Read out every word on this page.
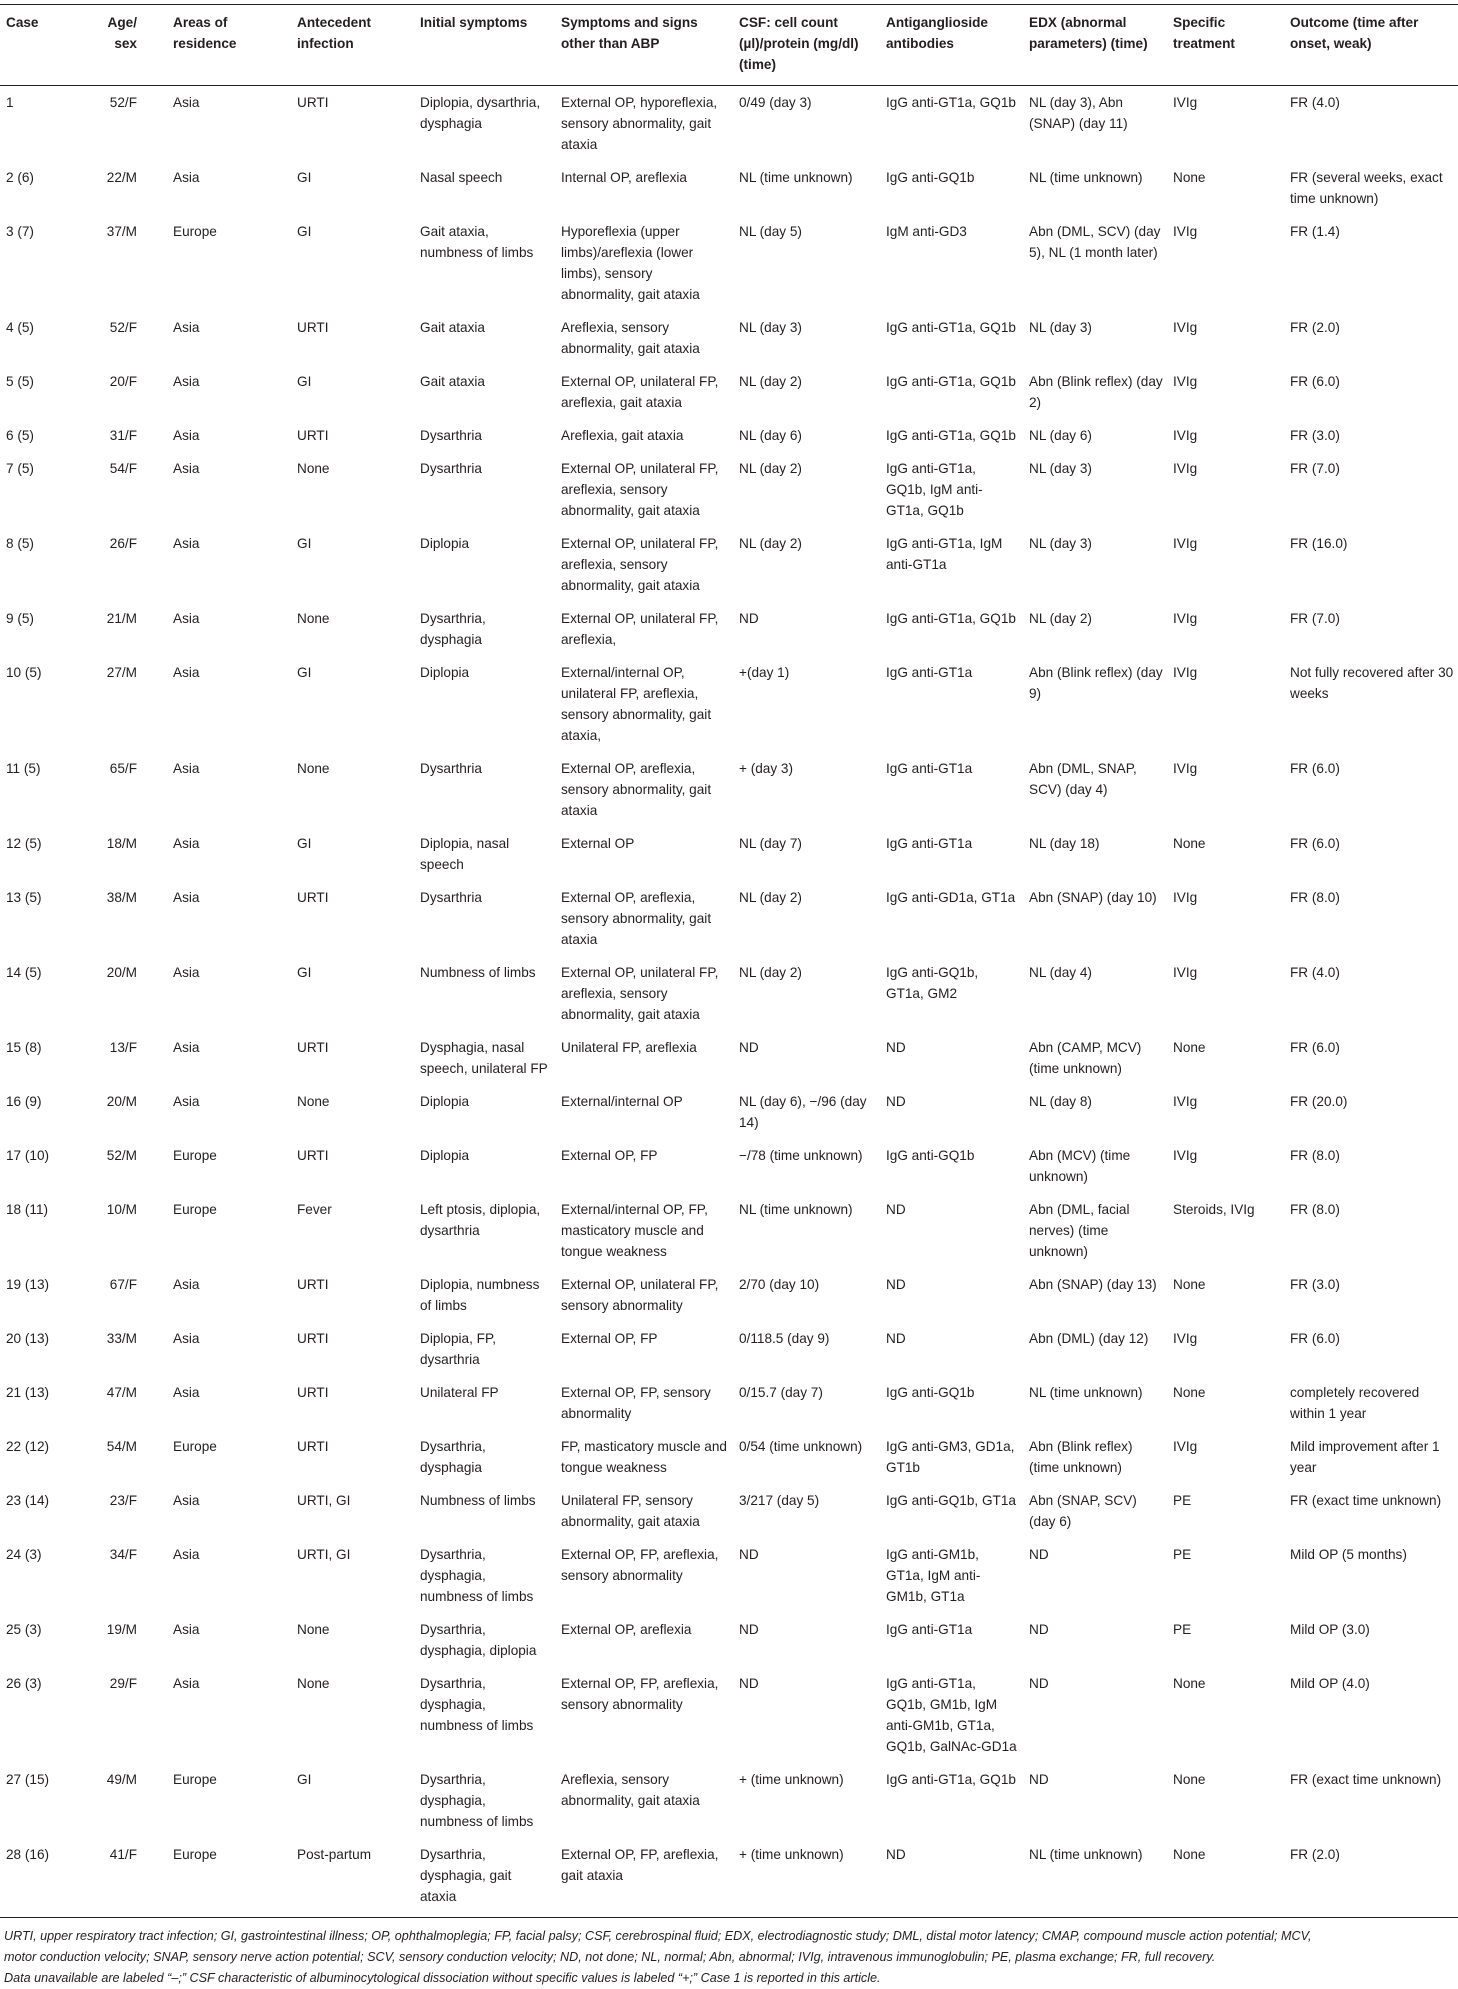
Case	Age/ sex	Areas of residence	Antecedent infection	Initial symptoms	Symptoms and signs other than ABP	CSF: cell count (µl)/protein (mg/dl) (time)	Antiganglioside antibodies	EDX (abnormal parameters) (time)	Specific treatment	Outcome (time after onset, weak)
1	52/F	Asia	URTI	Diplopia, dysarthria, dysphagia	External OP, hyporeflexia, sensory abnormality, gait ataxia	0/49 (day 3)	IgG anti-GT1a, GQ1b	NL (day 3), Abn (SNAP) (day 11)	IVIg	FR (4.0)
2 (6)	22/M	Asia	GI	Nasal speech	Internal OP, areflexia	NL (time unknown)	IgG anti-GQ1b	NL (time unknown)	None	FR (several weeks, exact time unknown)
3 (7)	37/M	Europe	GI	Gait ataxia, numbness of limbs	Hyporeflexia (upper limbs)/areflexia (lower limbs), sensory abnormality, gait ataxia	NL (day 5)	IgM anti-GD3	Abn (DML, SCV) (day 5), NL (1 month later)	IVIg	FR (1.4)
4 (5)	52/F	Asia	URTI	Gait ataxia	Areflexia, sensory abnormality, gait ataxia	NL (day 3)	IgG anti-GT1a, GQ1b	NL (day 3)	IVIg	FR (2.0)
5 (5)	20/F	Asia	GI	Gait ataxia	External OP, unilateral FP, areflexia, gait ataxia	NL (day 2)	IgG anti-GT1a, GQ1b	Abn (Blink reflex) (day 2)	IVIg	FR (6.0)
6 (5)	31/F	Asia	URTI	Dysarthria	Areflexia, gait ataxia	NL (day 6)	IgG anti-GT1a, GQ1b	NL (day 6)	IVIg	FR (3.0)
7 (5)	54/F	Asia	None	Dysarthria	External OP, unilateral FP, areflexia, sensory abnormality, gait ataxia	NL (day 2)	IgG anti-GT1a, GQ1b, IgM anti-GT1a, GQ1b	NL (day 3)	IVIg	FR (7.0)
8 (5)	26/F	Asia	GI	Diplopia	External OP, unilateral FP, areflexia, sensory abnormality, gait ataxia	NL (day 2)	IgG anti-GT1a, IgM anti-GT1a	NL (day 3)	IVIg	FR (16.0)
9 (5)	21/M	Asia	None	Dysarthria, dysphagia	External OP, unilateral FP, areflexia,	ND	IgG anti-GT1a, GQ1b	NL (day 2)	IVIg	FR (7.0)
10 (5)	27/M	Asia	GI	Diplopia	External/internal OP, unilateral FP, areflexia, sensory abnormality, gait ataxia,	+(day 1)	IgG anti-GT1a	Abn (Blink reflex) (day 9)	IVIg	Not fully recovered after 30 weeks
11 (5)	65/F	Asia	None	Dysarthria	External OP, areflexia, sensory abnormality, gait ataxia	+ (day 3)	IgG anti-GT1a	Abn (DML, SNAP, SCV) (day 4)	IVIg	FR (6.0)
12 (5)	18/M	Asia	GI	Diplopia, nasal speech	External OP	NL (day 7)	IgG anti-GT1a	NL (day 18)	None	FR (6.0)
13 (5)	38/M	Asia	URTI	Dysarthria	External OP, areflexia, sensory abnormality, gait ataxia	NL (day 2)	IgG anti-GD1a, GT1a	Abn (SNAP) (day 10)	IVIg	FR (8.0)
14 (5)	20/M	Asia	GI	Numbness of limbs	External OP, unilateral FP, areflexia, sensory abnormality, gait ataxia	NL (day 2)	IgG anti-GQ1b, GT1a, GM2	NL (day 4)	IVIg	FR (4.0)
15 (8)	13/F	Asia	URTI	Dysphagia, nasal speech, unilateral FP	Unilateral FP, areflexia	ND	ND	Abn (CAMP, MCV) (time unknown)	None	FR (6.0)
16 (9)	20/M	Asia	None	Diplopia	External/internal OP	NL (day 6), −/96 (day 14)	ND	NL (day 8)	IVIg	FR (20.0)
17 (10)	52/M	Europe	URTI	Diplopia	External OP, FP	−/78 (time unknown)	IgG anti-GQ1b	Abn (MCV) (time unknown)	IVIg	FR (8.0)
18 (11)	10/M	Europe	Fever	Left ptosis, diplopia, dysarthria	External/internal OP, FP, masticatory muscle and tongue weakness	NL (time unknown)	ND	Abn (DML, facial nerves) (time unknown)	Steroids, IVIg	FR (8.0)
19 (13)	67/F	Asia	URTI	Diplopia, numbness of limbs	External OP, unilateral FP, sensory abnormality	2/70 (day 10)	ND	Abn (SNAP) (day 13)	None	FR (3.0)
20 (13)	33/M	Asia	URTI	Diplopia, FP, dysarthria	External OP, FP	0/118.5 (day 9)	ND	Abn (DML) (day 12)	IVIg	FR (6.0)
21 (13)	47/M	Asia	URTI	Unilateral FP	External OP, FP, sensory abnormality	0/15.7 (day 7)	IgG anti-GQ1b	NL (time unknown)	None	completely recovered within 1 year
22 (12)	54/M	Europe	URTI	Dysarthria, dysphagia	FP, masticatory muscle and tongue weakness	0/54 (time unknown)	IgG anti-GM3, GD1a, GT1b	Abn (Blink reflex) (time unknown)	IVIg	Mild improvement after 1 year
23 (14)	23/F	Asia	URTI, GI	Numbness of limbs	Unilateral FP, sensory abnormality, gait ataxia	3/217 (day 5)	IgG anti-GQ1b, GT1a	Abn (SNAP, SCV) (day 6)	PE	FR (exact time unknown)
24 (3)	34/F	Asia	URTI, GI	Dysarthria, dysphagia, numbness of limbs	External OP, FP, areflexia, sensory abnormality	ND	IgG anti-GM1b, GT1a, IgM anti-GM1b, GT1a	ND	PE	Mild OP (5 months)
25 (3)	19/M	Asia	None	Dysarthria, dysphagia, diplopia	External OP, areflexia	ND	IgG anti-GT1a	ND	PE	Mild OP (3.0)
26 (3)	29/F	Asia	None	Dysarthria, dysphagia, numbness of limbs	External OP, FP, areflexia, sensory abnormality	ND	IgG anti-GT1a, GQ1b, GM1b, IgM anti-GM1b, GT1a, GQ1b, GalNAc-GD1a	ND	None	Mild OP (4.0)
27 (15)	49/M	Europe	GI	Dysarthria, dysphagia, numbness of limbs	Areflexia, sensory abnormality, gait ataxia	+ (time unknown)	IgG anti-GT1a, GQ1b	ND	None	FR (exact time unknown)
28 (16)	41/F	Europe	Post-partum	Dysarthria, dysphagia, gait ataxia	External OP, FP, areflexia, gait ataxia	+ (time unknown)	ND	NL (time unknown)	None	FR (2.0)
URTI, upper respiratory tract infection; GI, gastrointestinal illness; OP, ophthalmoplegia; FP, facial palsy; CSF, cerebrospinal fluid; EDX, electrodiagnostic study; DML, distal motor latency; CMAP, compound muscle action potential; MCV,
motor conduction velocity; SNAP, sensory nerve action potential; SCV, sensory conduction velocity; ND, not done; NL, normal; Abn, abnormal; IVIg, intravenous immunoglobulin; PE, plasma exchange; FR, full recovery.
Data unavailable are labeled “–;” CSF characteristic of albuminocytological dissociation without specific values is labeled “+;” Case 1 is reported in this article.
